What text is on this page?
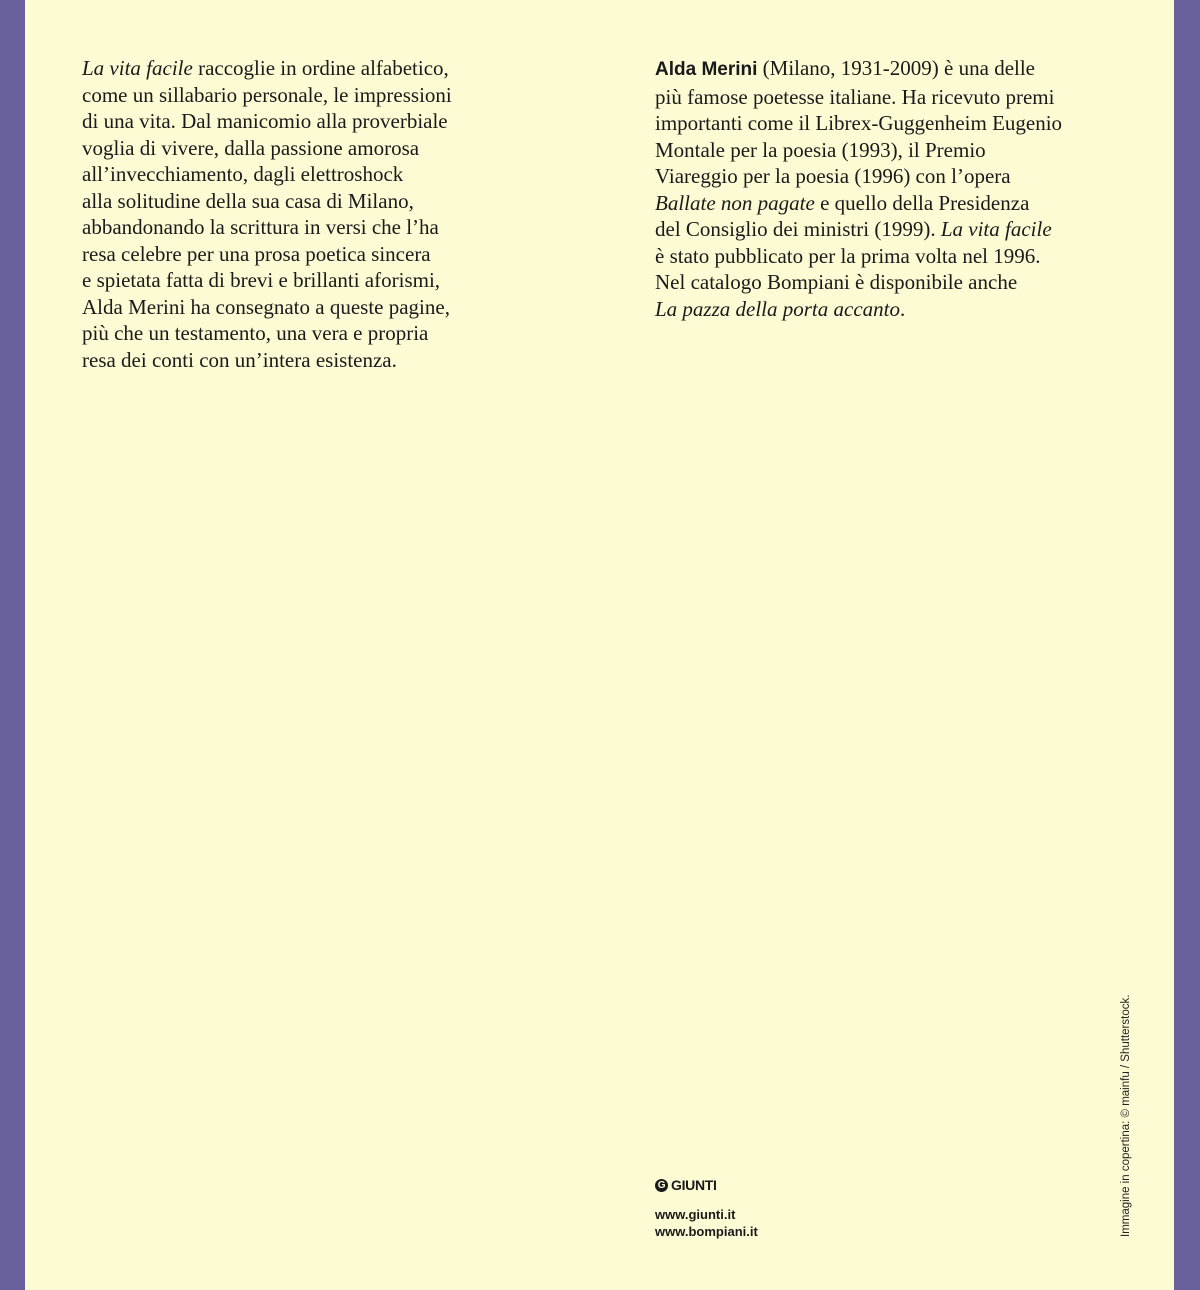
La vita facile raccoglie in ordine alfabetico,
come un sillabario personale, le impressioni
di una vita. Dal manicomio alla proverbiale
voglia di vivere, dalla passione amorosa
all’invecchiamento, dagli elettroshock
alla solitudine della sua casa di Milano,
abbandonando la scrittura in versi che l’ha
resa celebre per una prosa poetica sincera
e spietata fatta di brevi e brillanti aforismi,
Alda Merini ha consegnato a queste pagine,
più che un testamento, una vera e propria
resa dei conti con un’intera esistenza.
Alda Merini (Milano, 1931-2009) è una delle
più famose poetesse italiane. Ha ricevuto premi
importanti come il Librex-Guggenheim Eugenio
Montale per la poesia (1993), il Premio
Viareggio per la poesia (1996) con l’opera
Ballate non pagate e quello della Presidenza
del Consiglio dei ministri (1999). La vita facile
è stato pubblicato per la prima volta nel 1996.
Nel catalogo Bompiani è disponibile anche
La pazza della porta accanto.
G GIUNTI
www.giunti.it
www.bompiani.it	Immagine in copertina: © mainfu / Shutterstock.
